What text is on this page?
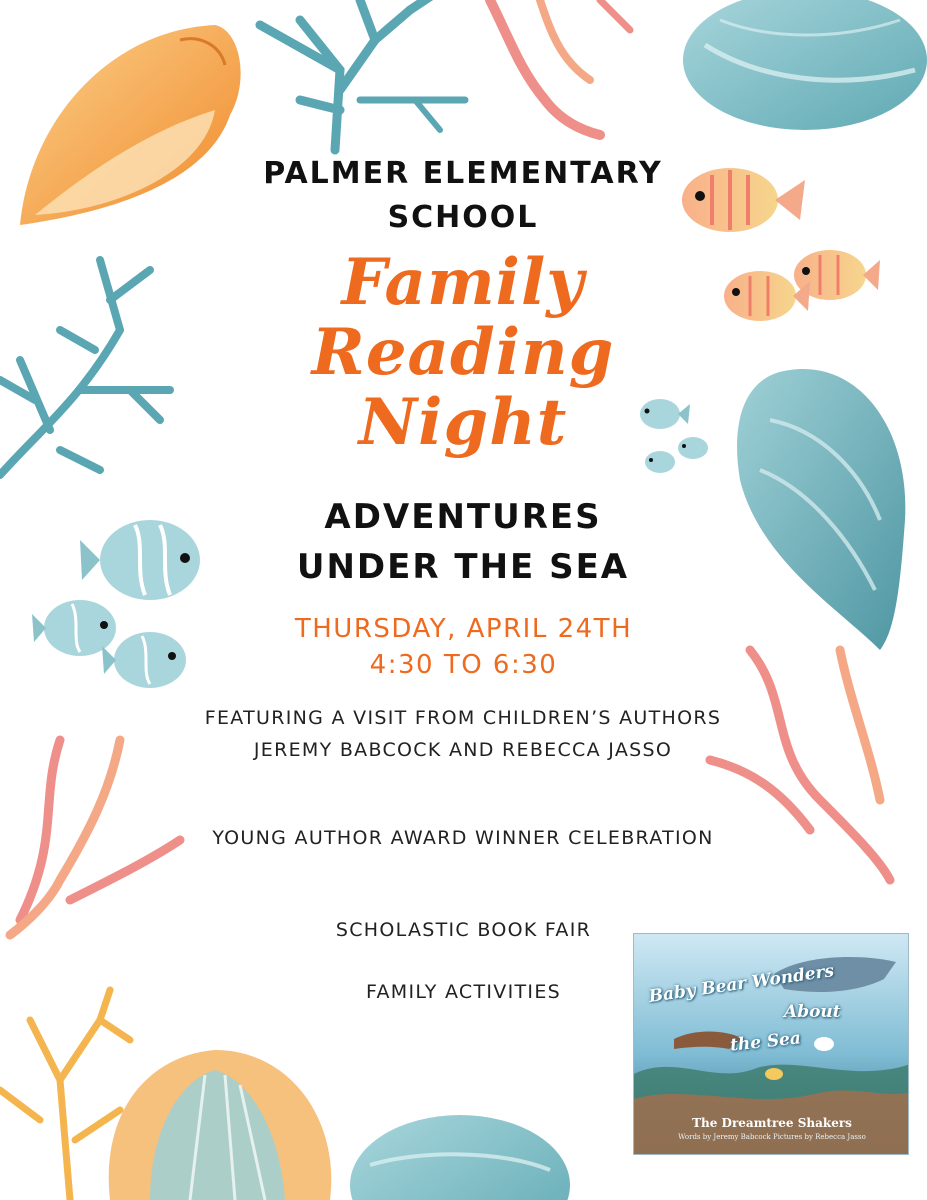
PALMER ELEMENTARY SCHOOL
Family Reading Night
ADVENTURES UNDER THE SEA
THURSDAY, APRIL 24TH
4:30 TO 6:30
FEATURING A VISIT FROM CHILDREN’S AUTHORS JEREMY BABCOCK AND REBECCA JASSO
YOUNG AUTHOR AWARD WINNER CELEBRATION
SCHOLASTIC BOOK FAIR
FAMILY ACTIVITIES	Baby Bear Wonders
About
the Sea
The Dreamtree Shakers
Words by Jeremy Babcock Pictures by Rebecca Jasso
